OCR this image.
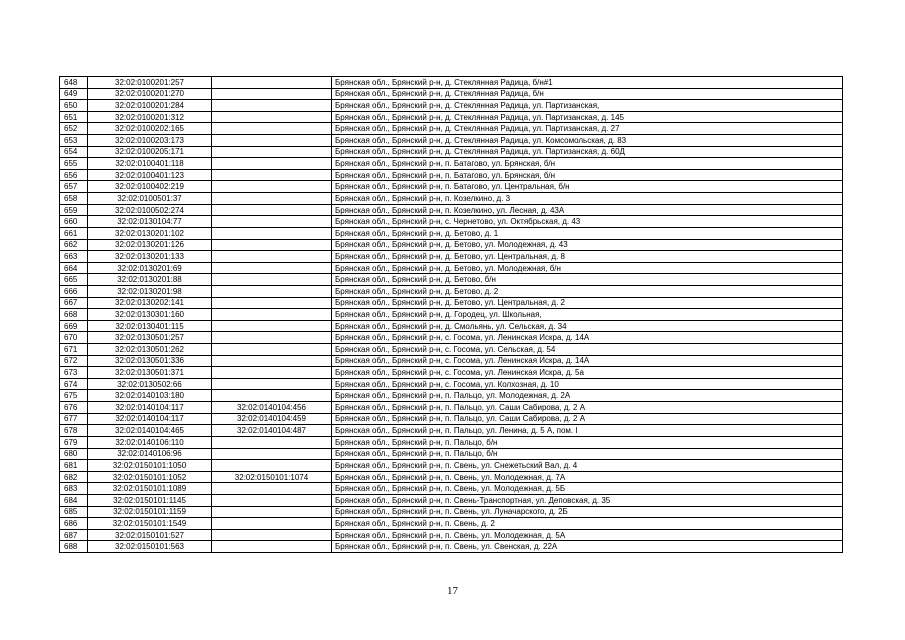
648	32:02:0100201:257		Брянская обл., Брянский р-н, д. Стеклянная Радица, б/н#1
649	32:02:0100201:270		Брянская обл., Брянский р-н, д. Стеклянная Радица, б/н
650	32:02:0100201:284		Брянская обл., Брянский р-н, д. Стеклянная Радица, ул. Партизанская,
651	32:02:0100201:312		Брянская обл., Брянский р-н, д. Стеклянная Радица, ул. Партизанская, д. 145
652	32:02:0100202:165		Брянская обл., Брянский р-н, д. Стеклянная Радица, ул. Партизанская, д. 27
653	32:02:0100203:173		Брянская обл., Брянский р-н, д. Стеклянная Радица, ул. Комсомольская, д. 83
654	32:02:0100205:171		Брянская обл., Брянский р-н, д. Стеклянная Радица, ул. Партизанская, д. 60Д
655	32:02:0100401:118		Брянская обл., Брянский р-н, п. Батагово, ул. Брянская, б/н
656	32:02:0100401:123		Брянская обл., Брянский р-н, п. Батагово, ул. Брянская, б/н
657	32:02:0100402:219		Брянская обл., Брянский р-н, п. Батагово, ул. Центральная, б/н
658	32:02:0100501:37		Брянская обл., Брянский р-н, п. Козелкино, д. 3
659	32:02:0100502:274		Брянская обл., Брянский р-н, п. Козелкино, ул. Лесная, д. 43А
660	32:02:0130104:77		Брянская обл., Брянский р-н, с. Чернетово, ул. Октябрьская, д. 43
661	32:02:0130201:102		Брянская обл., Брянский р-н, д. Бетово, д. 1
662	32:02:0130201:126		Брянская обл., Брянский р-н, д. Бетово, ул. Молодежная, д. 43
663	32:02:0130201:133		Брянская обл., Брянский р-н, д. Бетово, ул. Центральная, д. 8
664	32:02:0130201:69		Брянская обл., Брянский р-н, д. Бетово, ул. Молодежная, б/н
665	32:02:0130201:88		Брянская обл., Брянский р-н, д. Бетово, б/н
666	32:02:0130201:98		Брянская обл., Брянский р-н, д. Бетово, д. 2
667	32:02:0130202:141		Брянская обл., Брянский р-н, д. Бетово, ул. Центральная, д. 2
668	32:02:0130301:160		Брянская обл., Брянский р-н, д. Городец, ул. Школьная,
669	32:02:0130401:115		Брянская обл., Брянский р-н, д. Смольянь, ул. Сельская, д. 34
670	32:02:0130501:257		Брянская обл., Брянский р-н, с. Госома, ул. Ленинская Искра, д. 14А
671	32:02:0130501:262		Брянская обл., Брянский р-н, с. Госома, ул. Сельская, д. 54
672	32:02:0130501:336		Брянская обл., Брянский р-н, с. Госома, ул. Ленинская Искра, д. 14А
673	32:02:0130501:371		Брянская обл., Брянский р-н, с. Госома, ул. Ленинская Искра, д. 5а
674	32:02:0130502:66		Брянская обл., Брянский р-н, с. Госома, ул. Колхозная, д. 10
675	32:02:0140103:180		Брянская обл., Брянский р-н, п. Пальцо, ул. Молодежная, д. 2А
676	32:02:0140104:117	32:02:0140104:456	Брянская обл., Брянский р-н, п. Пальцо, ул. Саши Сабирова, д. 2 А
677	32:02:0140104:117	32:02:0140104:459	Брянская обл., Брянский р-н, п. Пальцо, ул. Саши Сабирова, д. 2 А
678	32:02:0140104:465	32:02:0140104:487	Брянская обл., Брянский р-н, п. Пальцо, ул. Ленина, д. 5 А, пом. I
679	32:02:0140106:110		Брянская обл., Брянский р-н, п. Пальцо, б/н
680	32:02:0140106:96		Брянская обл., Брянский р-н, п. Пальцо, б/н
681	32:02:0150101:1050		Брянская обл., Брянский р-н, п. Свень, ул. Снежетьский Вал, д. 4
682	32:02:0150101:1052	32:02:0150101:1074	Брянская обл., Брянский р-н, п. Свень, ул. Молодежная, д. 7А
683	32:02:0150101:1089		Брянская обл., Брянский р-н, п. Свень, ул. Молодежная, д. 5Б
684	32:02:0150101:1145		Брянская обл., Брянский р-н, п. Свень-Транспортная, ул. Деповская, д. 35
685	32:02:0150101:1159		Брянская обл., Брянский р-н, п. Свень, ул. Луначарского, д. 2Б
686	32:02:0150101:1549		Брянская обл., Брянский р-н, п. Свень, д. 2
687	32:02:0150101:527		Брянская обл., Брянский р-н, п. Свень, ул. Молодежная, д. 5А
688	32:02:0150101:563		Брянская обл., Брянский р-н, п. Свень, ул. Свенская, д. 22А
17
